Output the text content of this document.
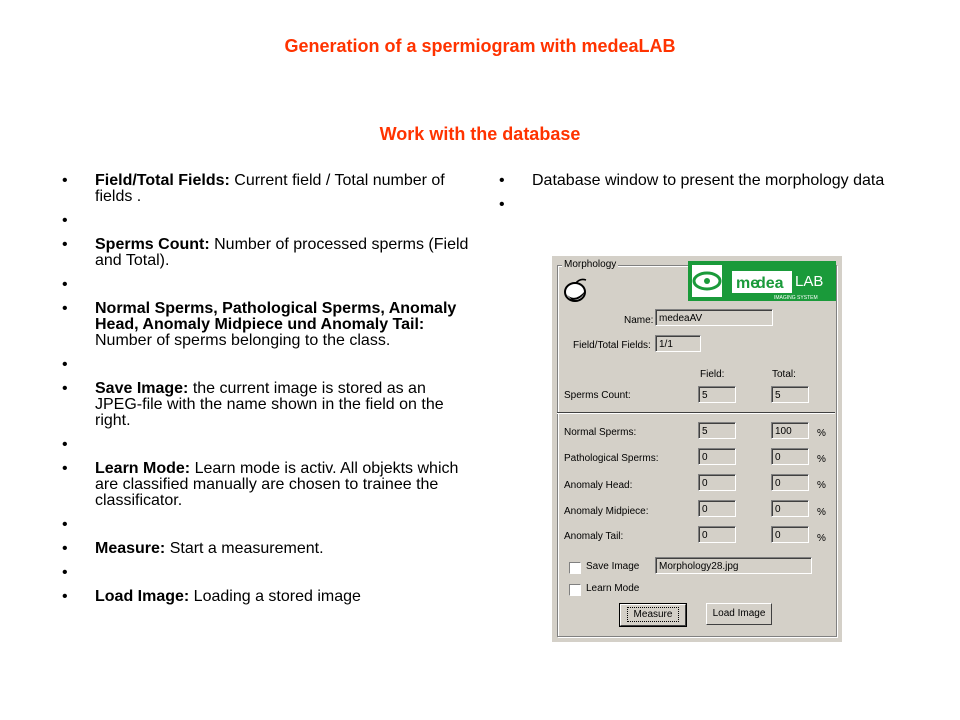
Generation of a spermiogram with medeaLAB
Work with the database
• Field/Total Fields: Current field / Total number of fields .
•
• Sperms Count: Number of processed sperms (Field and Total).
•
• Normal Sperms, Pathological Sperms, Anomaly Head, Anomaly Midpiece und Anomaly Tail: Number of sperms belonging to the class.
•
• Save Image: the current image is stored as an JPEG-file with the name shown in the field on the right.
•
• Learn Mode: Learn mode is activ. All objekts which are classified manually are chosen to trainee the classificator.
•
• Measure: Start a measurement.
•
• Load Image: Loading a stored image
• Database window to present the morphology data
•
Morphology
me
dea LAB
IMAGING SYSTEM
Name: medeaAV
Field/Total Fields: 1/1
Field:	Total:
Sperms Count:	5	5
Normal Sperms:	5	100	%
Pathological Sperms:	0	0	%
Anomaly Head:	0	0	%
Anomaly Midpiece:	0	0	%
Anomaly Tail:	0	0	%
Save Image	Morphology28.jpg
Learn Mode
Measure	Load Image
